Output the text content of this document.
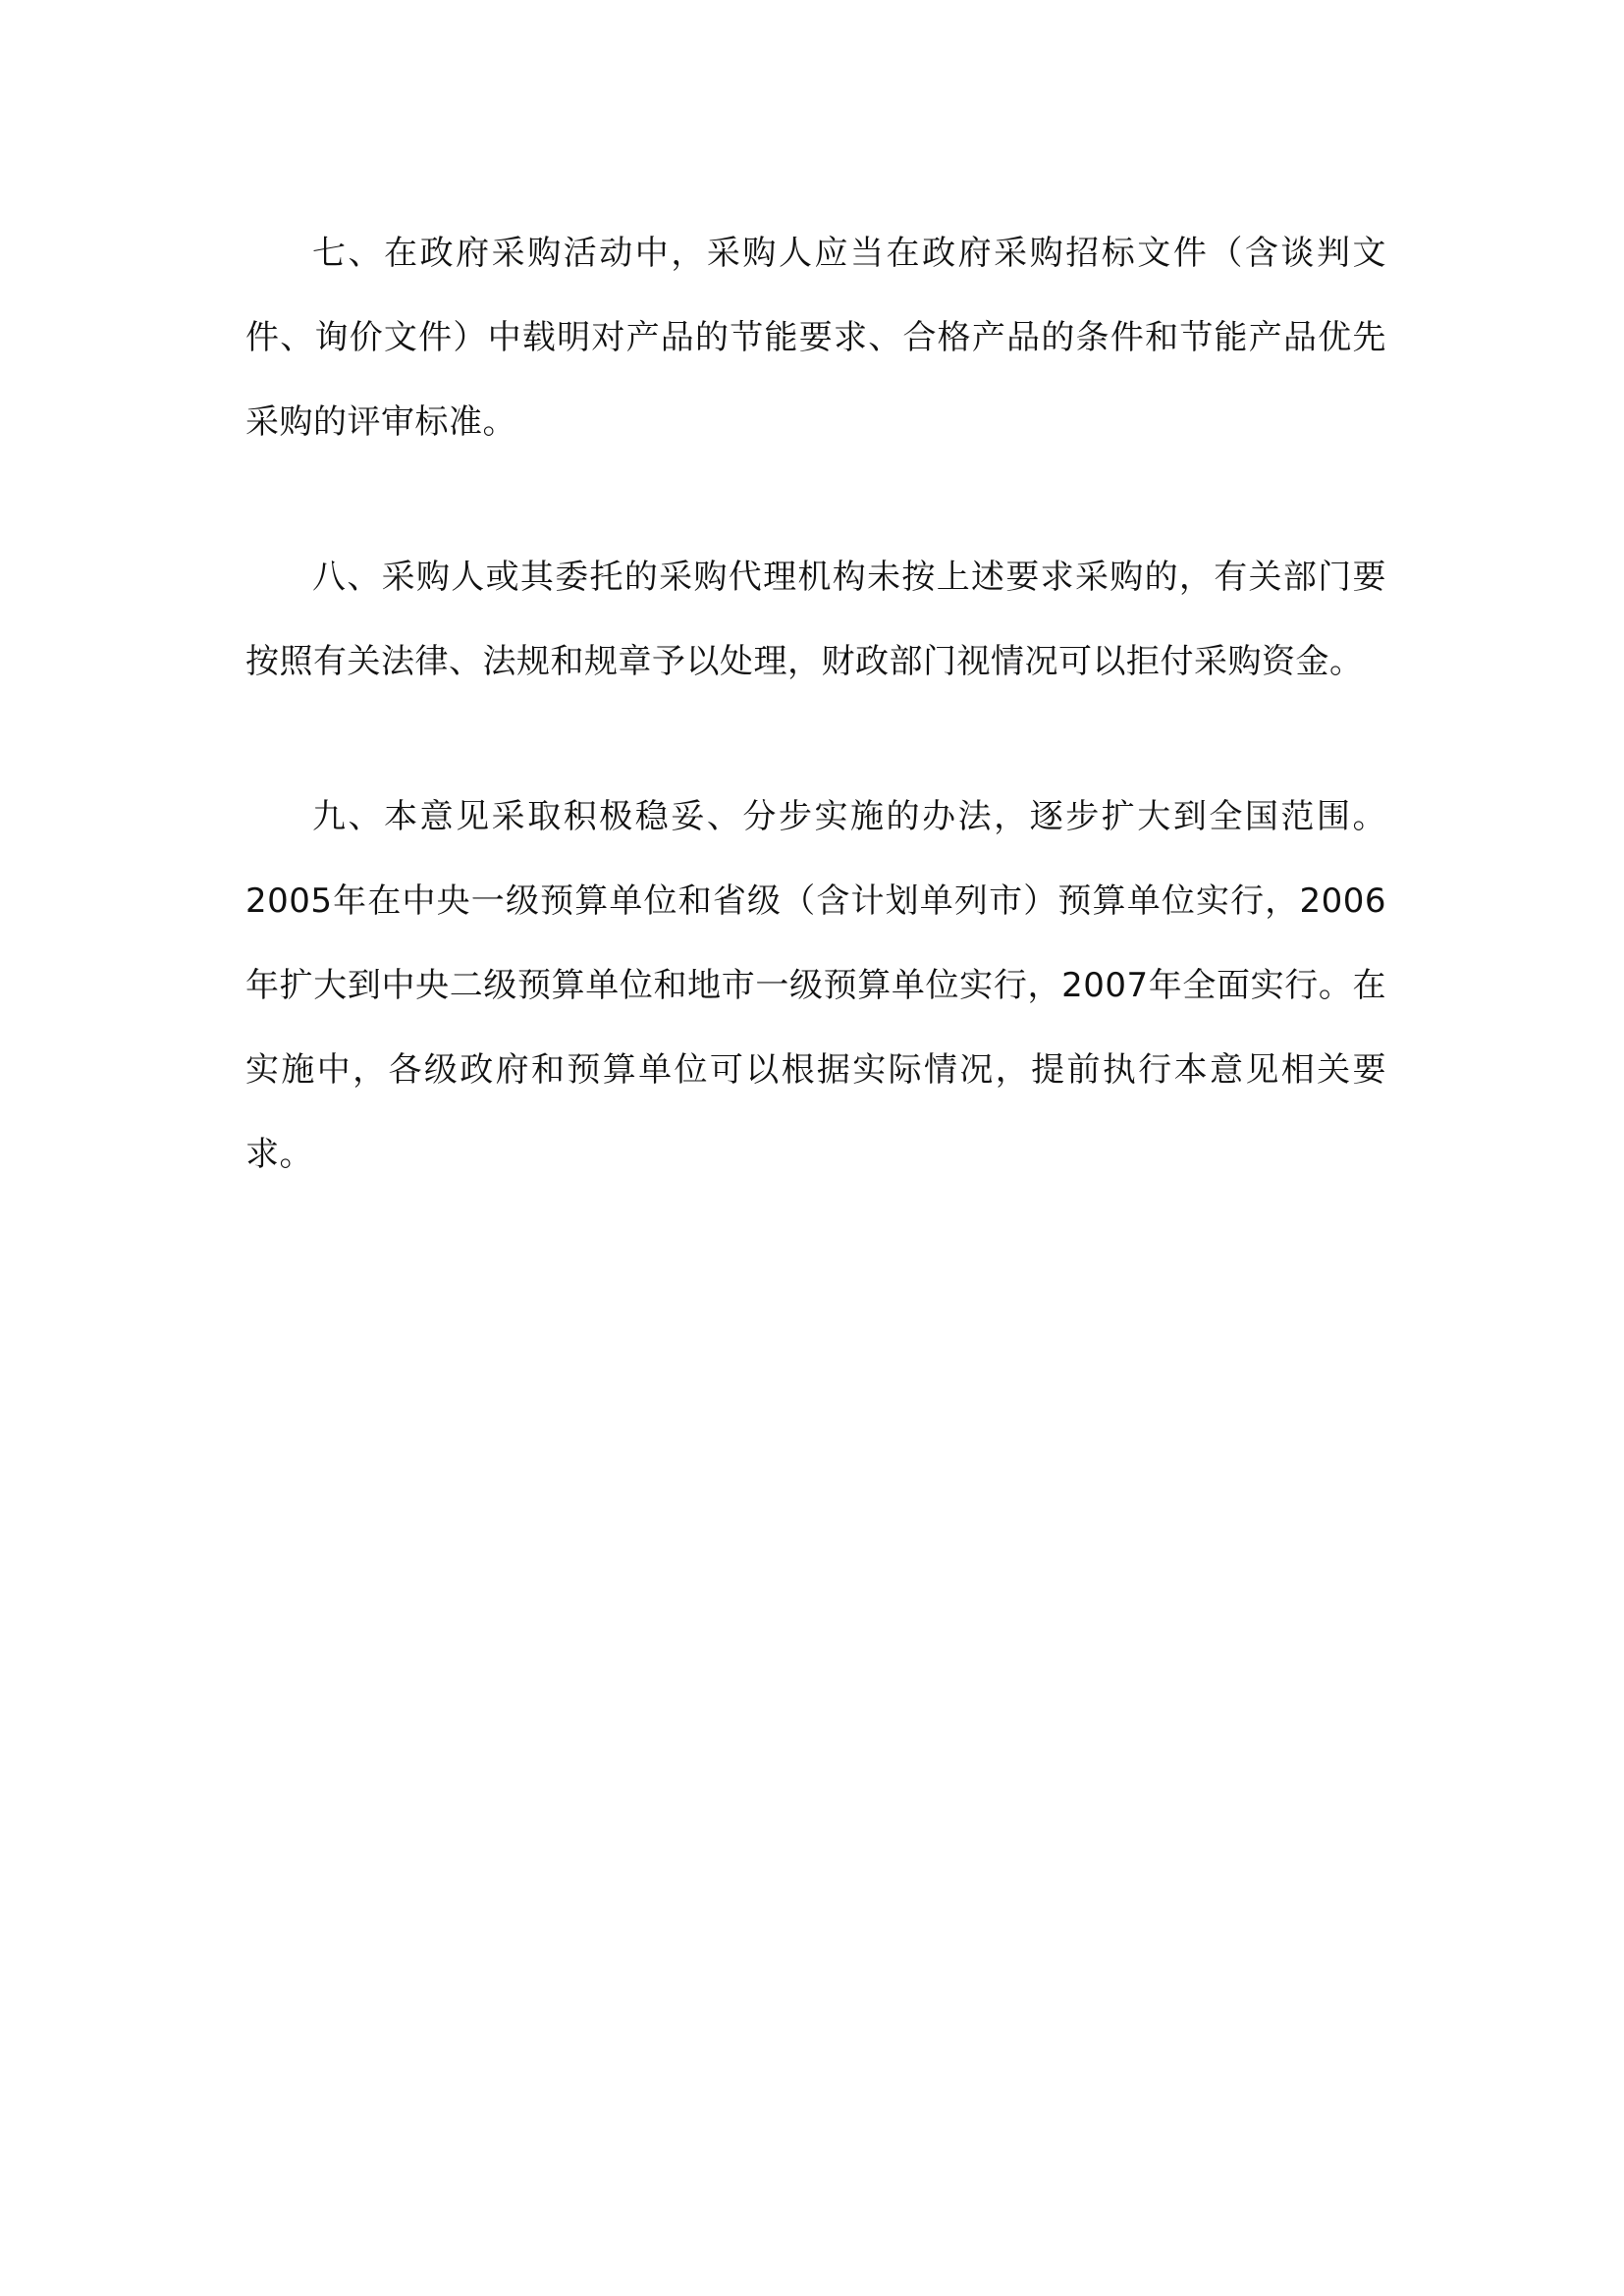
七、在政府采购活动中，采购人应当在政府采购招标文件（含谈判文件、询价文件）中载明对产品的节能要求、合格产品的条件和节能产品优先采购的评审标准。

八、采购人或其委托的采购代理机构未按上述要求采购的，有关部门要按照有关法律、法规和规章予以处理，财政部门视情况可以拒付采购资金。

九、本意见采取积极稳妥、分步实施的办法，逐步扩大到全国范围。2005年在中央一级预算单位和省级（含计划单列市）预算单位实行，2006年扩大到中央二级预算单位和地市一级预算单位实行，2007年全面实行。在实施中，各级政府和预算单位可以根据实际情况，提前执行本意见相关要求。
